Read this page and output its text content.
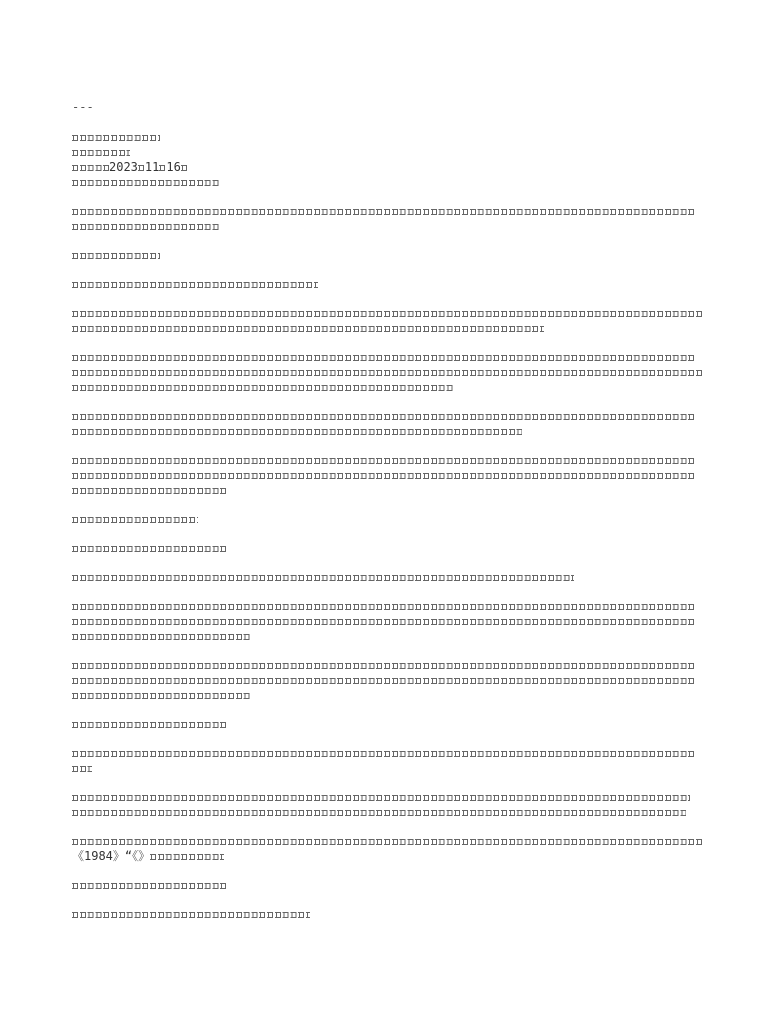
---
2023 11 16
《1984》“《》
